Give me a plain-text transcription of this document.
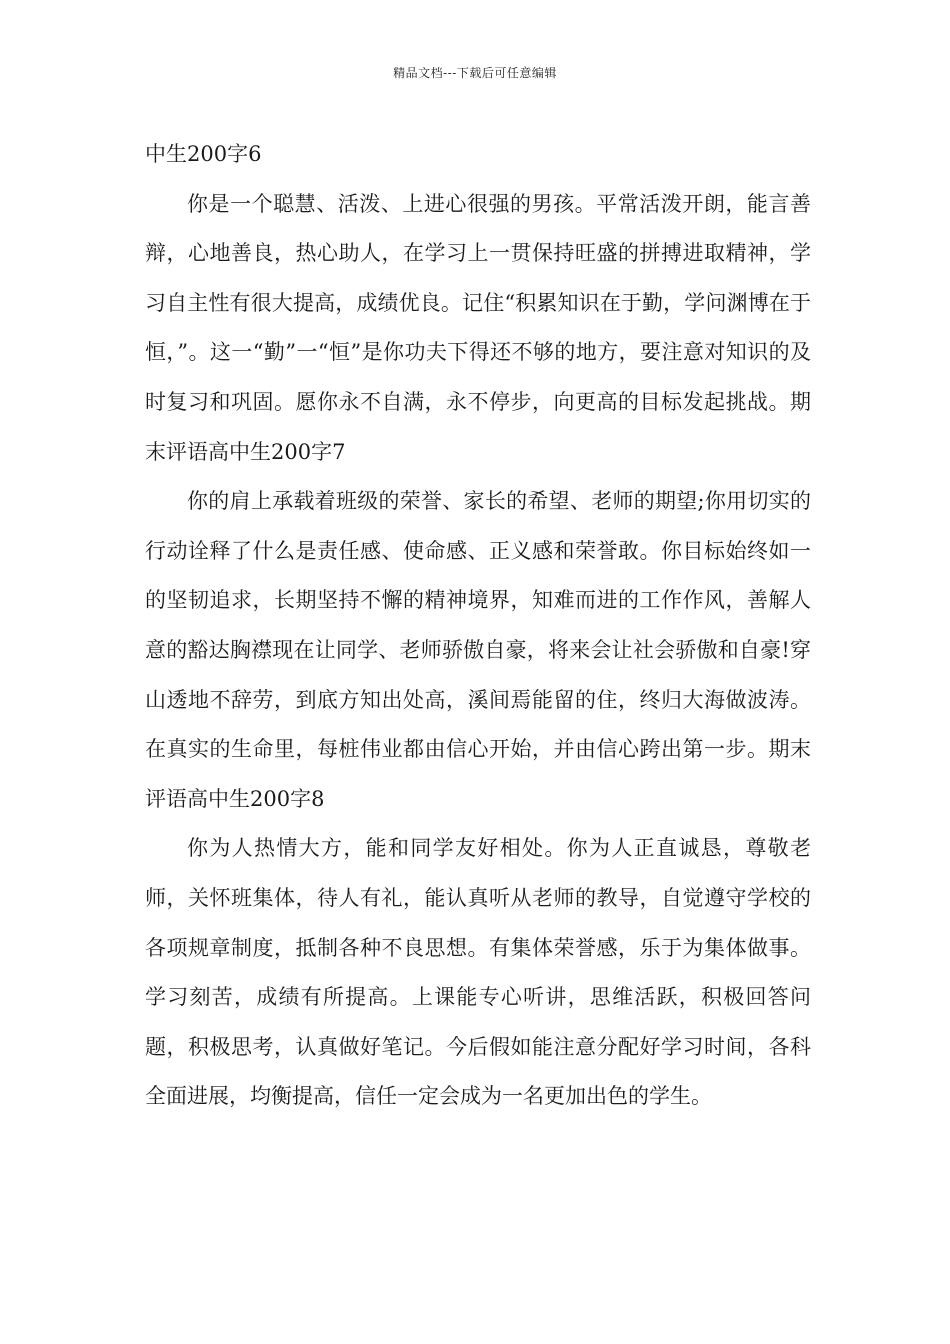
精品文档---下载后可任意编辑

中生200字6

你是一个聪慧、活泼、上进心很强的男孩。平常活泼开朗，能言善辩，心地善良，热心助人，在学习上一贯保持旺盛的拼搏进取精神，学习自主性有很大提高，成绩优良。记住“积累知识在于勤，学问渊博在于恒，”。这一“勤”一“恒”是你功夫下得还不够的地方，要注意对知识的及时复习和巩固。愿你永不自满，永不停步，向更高的目标发起挑战。期末评语高中生200字7

你的肩上承载着班级的荣誉、家长的希望、老师的期望;你用切实的行动诠释了什么是责任感、使命感、正义感和荣誉敢。你目标始终如一的坚韧追求，长期坚持不懈的精神境界，知难而进的工作作风，善解人意的豁达胸襟现在让同学、老师骄傲自豪，将来会让社会骄傲和自豪!穿山透地不辞劳，到底方知出处高，溪间焉能留的住，终归大海做波涛。在真实的生命里，每桩伟业都由信心开始，并由信心跨出第一步。期末评语高中生200字8

你为人热情大方，能和同学友好相处。你为人正直诚恳，尊敬老师，关怀班集体，待人有礼，能认真听从老师的教导，自觉遵守学校的各项规章制度，抵制各种不良思想。有集体荣誉感，乐于为集体做事。学习刻苦，成绩有所提高。上课能专心听讲，思维活跃，积极回答问题，积极思考，认真做好笔记。今后假如能注意分配好学习时间，各科全面进展，均衡提高，信任一定会成为一名更加出色的学生。
